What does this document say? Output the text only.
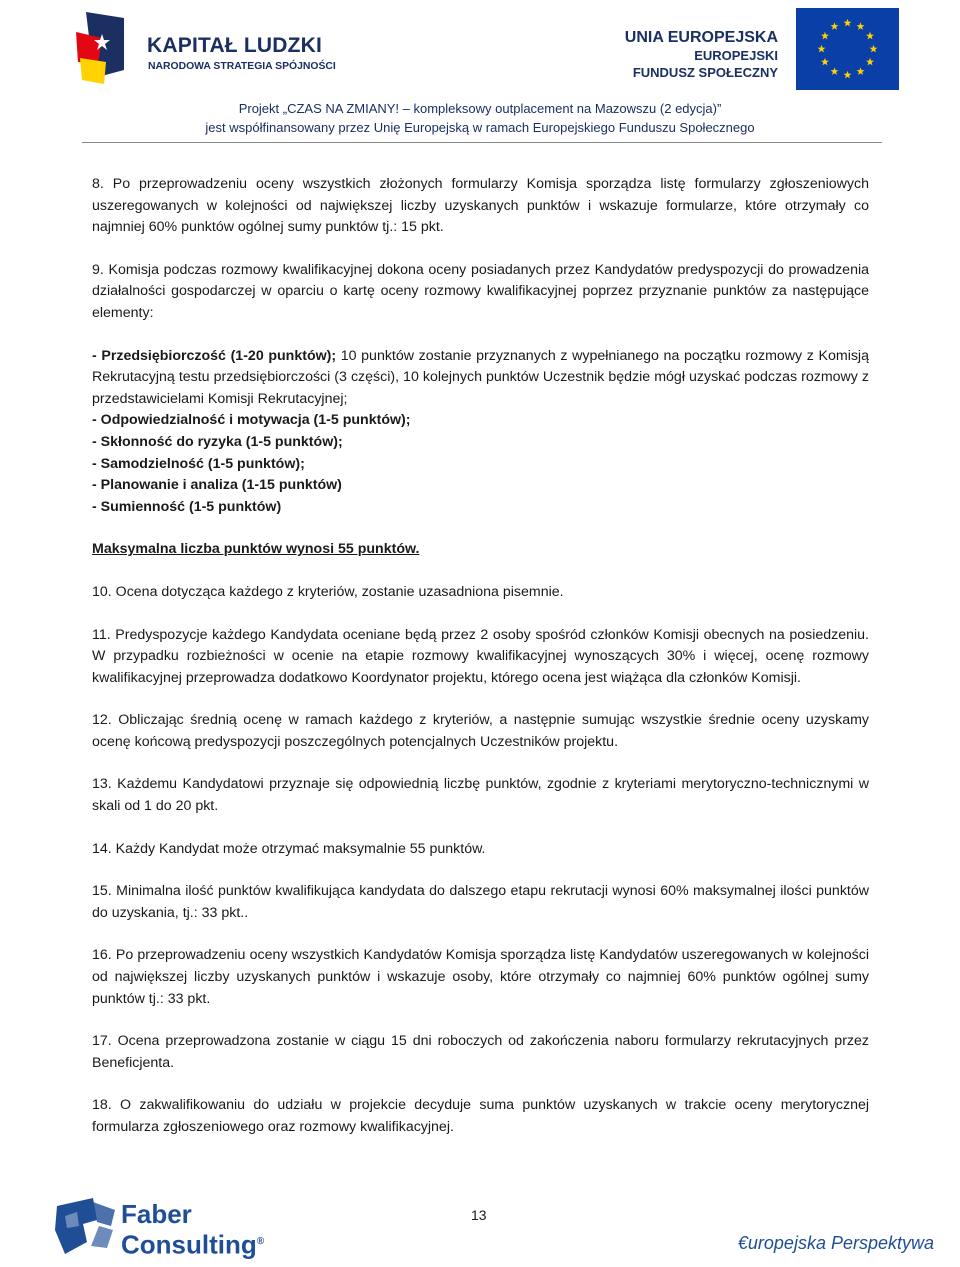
KAPITAŁ LUDZKI
NARODOWA STRATEGIA SPÓJNOŚCI
UNIA EUROPEJSKA
EUROPEJSKI
FUNDUSZ SPOŁECZNY
Projekt „CZAS NA ZMIANY! – kompleksowy outplacement na Mazowszu (2 edycja)”
jest współfinansowany przez Unię Europejską w ramach Europejskiego Funduszu Społecznego

8. Po przeprowadzeniu oceny wszystkich złożonych formularzy Komisja sporządza listę formularzy zgłoszeniowych uszeregowanych w kolejności od największej liczby uzyskanych punktów i wskazuje formularze, które otrzymały co najmniej 60% punktów ogólnej sumy punktów tj.: 15 pkt.

9. Komisja podczas rozmowy kwalifikacyjnej dokona oceny posiadanych przez Kandydatów predyspozycji do prowadzenia działalności gospodarczej w oparciu o kartę oceny rozmowy kwalifikacyjnej poprzez przyznanie punktów za następujące elementy:

- Przedsiębiorczość (1-20 punktów); 10 punktów zostanie przyznanych z wypełnianego na początku rozmowy z Komisją Rekrutacyjną testu przedsiębiorczości (3 części), 10 kolejnych punktów Uczestnik będzie mógł uzyskać podczas rozmowy z przedstawicielami Komisji Rekrutacyjnej;

- Odpowiedzialność i motywacja (1-5 punktów);

- Skłonność do ryzyka (1-5 punktów);

- Samodzielność (1-5 punktów);

- Planowanie i analiza (1-15 punktów)

- Sumienność (1-5 punktów)

Maksymalna liczba punktów wynosi 55 punktów.

10. Ocena dotycząca każdego z kryteriów, zostanie uzasadniona pisemnie.

11. Predyspozycje każdego Kandydata oceniane będą przez 2 osoby spośród członków Komisji obecnych na posiedzeniu. W przypadku rozbieżności w ocenie na etapie rozmowy kwalifikacyjnej wynoszących 30% i więcej, ocenę rozmowy kwalifikacyjnej przeprowadza dodatkowo Koordynator projektu, którego ocena jest wiążąca dla członków Komisji.

12. Obliczając średnią ocenę w ramach każdego z kryteriów, a następnie sumując wszystkie średnie oceny uzyskamy ocenę końcową predyspozycji poszczególnych potencjalnych Uczestników projektu.

13. Każdemu Kandydatowi przyznaje się odpowiednią liczbę punktów, zgodnie z kryteriami merytoryczno-technicznymi w skali od 1 do 20 pkt.

14. Każdy Kandydat może otrzymać maksymalnie 55 punktów.

15. Minimalna ilość punktów kwalifikująca kandydata do dalszego etapu rekrutacji wynosi 60% maksymalnej ilości punktów do uzyskania, tj.: 33 pkt..

16. Po przeprowadzeniu oceny wszystkich Kandydatów Komisja sporządza listę Kandydatów uszeregowanych w kolejności od największej liczby uzyskanych punktów i wskazuje osoby, które otrzymały co najmniej 60% punktów ogólnej sumy punktów tj.: 33 pkt.

17. Ocena przeprowadzona zostanie w ciągu 15 dni roboczych od zakończenia naboru formularzy rekrutacyjnych przez Beneficjenta.

18. O zakwalifikowaniu do udziału w projekcie decyduje suma punktów uzyskanych w trakcie oceny merytorycznej formularza zgłoszeniowego oraz rozmowy kwalifikacyjnej.

Faber
Consulting®
13
€uropejska Perspektywa
